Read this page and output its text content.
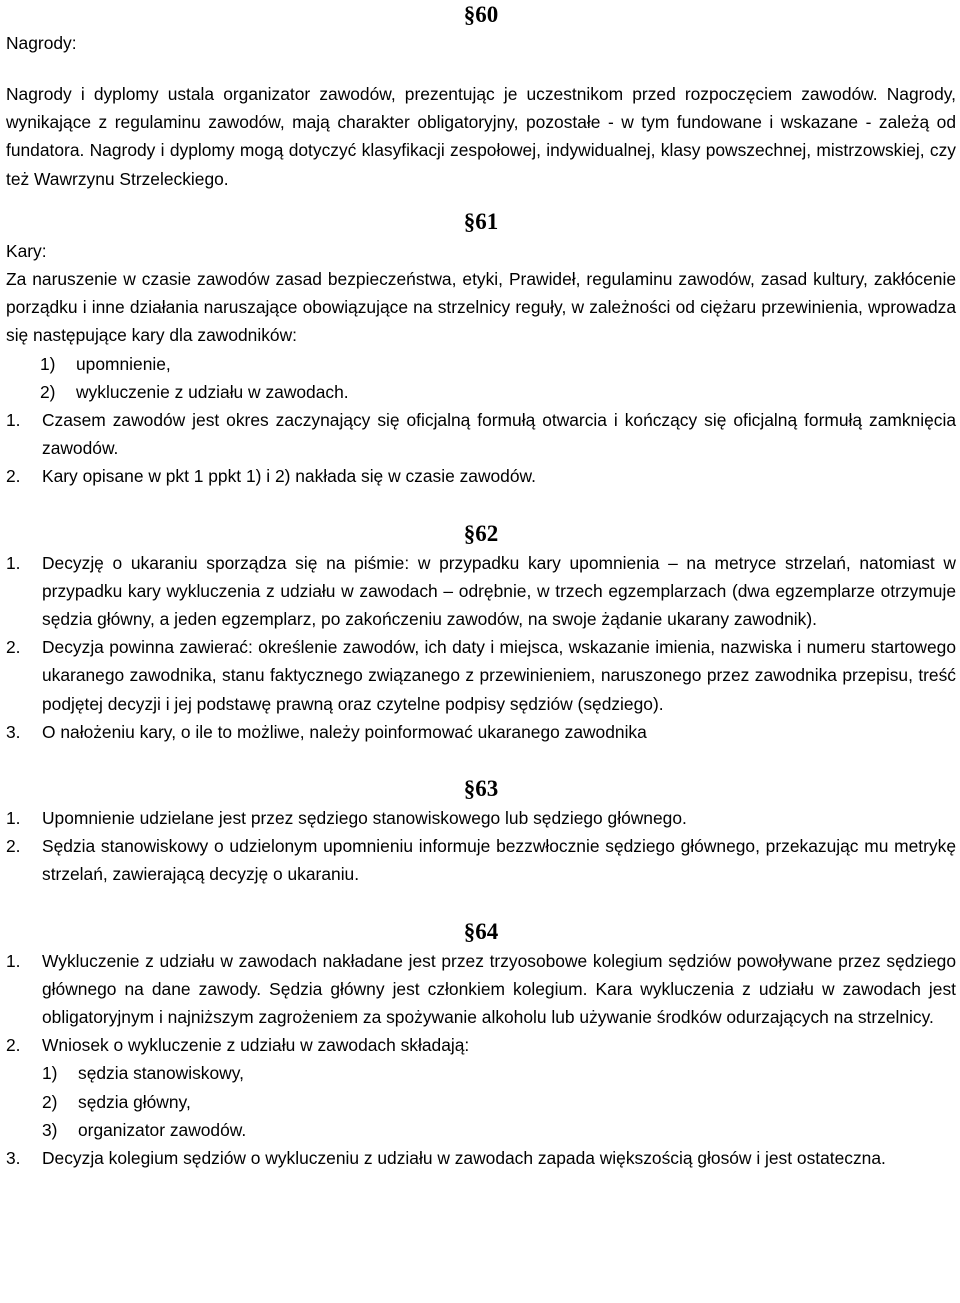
Nagrody:
§60
Nagrody i dyplomy ustala organizator zawodów, prezentując je uczestnikom przed rozpoczęciem zawodów. Nagrody, wynikające z regulaminu zawodów, mają charakter obligatoryjny, pozostałe - w tym fundowane i wskazane - zależą od fundatora. Nagrody i dyplomy mogą dotyczyć klasyfikacji zespołowej, indywidualnej, klasy powszechnej, mistrzowskiej, czy też Wawrzynu Strzeleckiego.
§61
Kary:
Za naruszenie w czasie zawodów zasad bezpieczeństwa, etyki, Prawideł, regulaminu zawodów, zasad kultury, zakłócenie porządku i inne działania naruszające obowiązujące na strzelnicy reguły, w zależności od ciężaru przewinienia, wprowadza się następujące kary dla zawodników:
1) upomnienie,
2) wykluczenie z udziału w zawodach.
1. Czasem zawodów jest okres zaczynający się oficjalną formułą otwarcia i kończący się oficjalną formułą zamknięcia zawodów.
2. Kary opisane w pkt 1 ppkt 1) i 2) nakłada się w czasie zawodów.
§62
1. Decyzję o ukaraniu sporządza się na piśmie: w przypadku kary upomnienia – na metryce strzelań, natomiast w przypadku kary wykluczenia z udziału w zawodach – odrębnie, w trzech egzemplarzach (dwa egzemplarze otrzymuje sędzia główny, a jeden egzemplarz, po zakończeniu zawodów, na swoje żądanie ukarany zawodnik).
2. Decyzja powinna zawierać: określenie zawodów, ich daty i miejsca, wskazanie imienia, nazwiska i numeru startowego ukaranego zawodnika, stanu faktycznego związanego z przewinieniem, naruszonego przez zawodnika przepisu, treść podjętej decyzji i jej podstawę prawną oraz czytelne podpisy sędziów (sędziego).
3. O nałożeniu kary, o ile to możliwe, należy poinformować ukaranego zawodnika
§63
1. Upomnienie udzielane jest przez sędziego stanowiskowego lub sędziego głównego.
2. Sędzia stanowiskowy o udzielonym upomnieniu informuje bezzwłocznie sędziego głównego, przekazując mu metrykę strzelań, zawierającą decyzję o ukaraniu.
§64
1. Wykluczenie z udziału w zawodach nakładane jest przez trzyosobowe kolegium sędziów powoływane przez sędziego głównego na dane zawody. Sędzia główny jest członkiem kolegium. Kara wykluczenia z udziału w zawodach jest obligatoryjnym i najniższym zagrożeniem za spożywanie alkoholu lub używanie środków odurzających na strzelnicy.
2. Wniosek o wykluczenie z udziału w zawodach składają:
1) sędzia stanowiskowy,
2) sędzia główny,
3) organizator zawodów.
3. Decyzja kolegium sędziów o wykluczeniu z udziału w zawodach zapada większością głosów i jest ostateczna.
